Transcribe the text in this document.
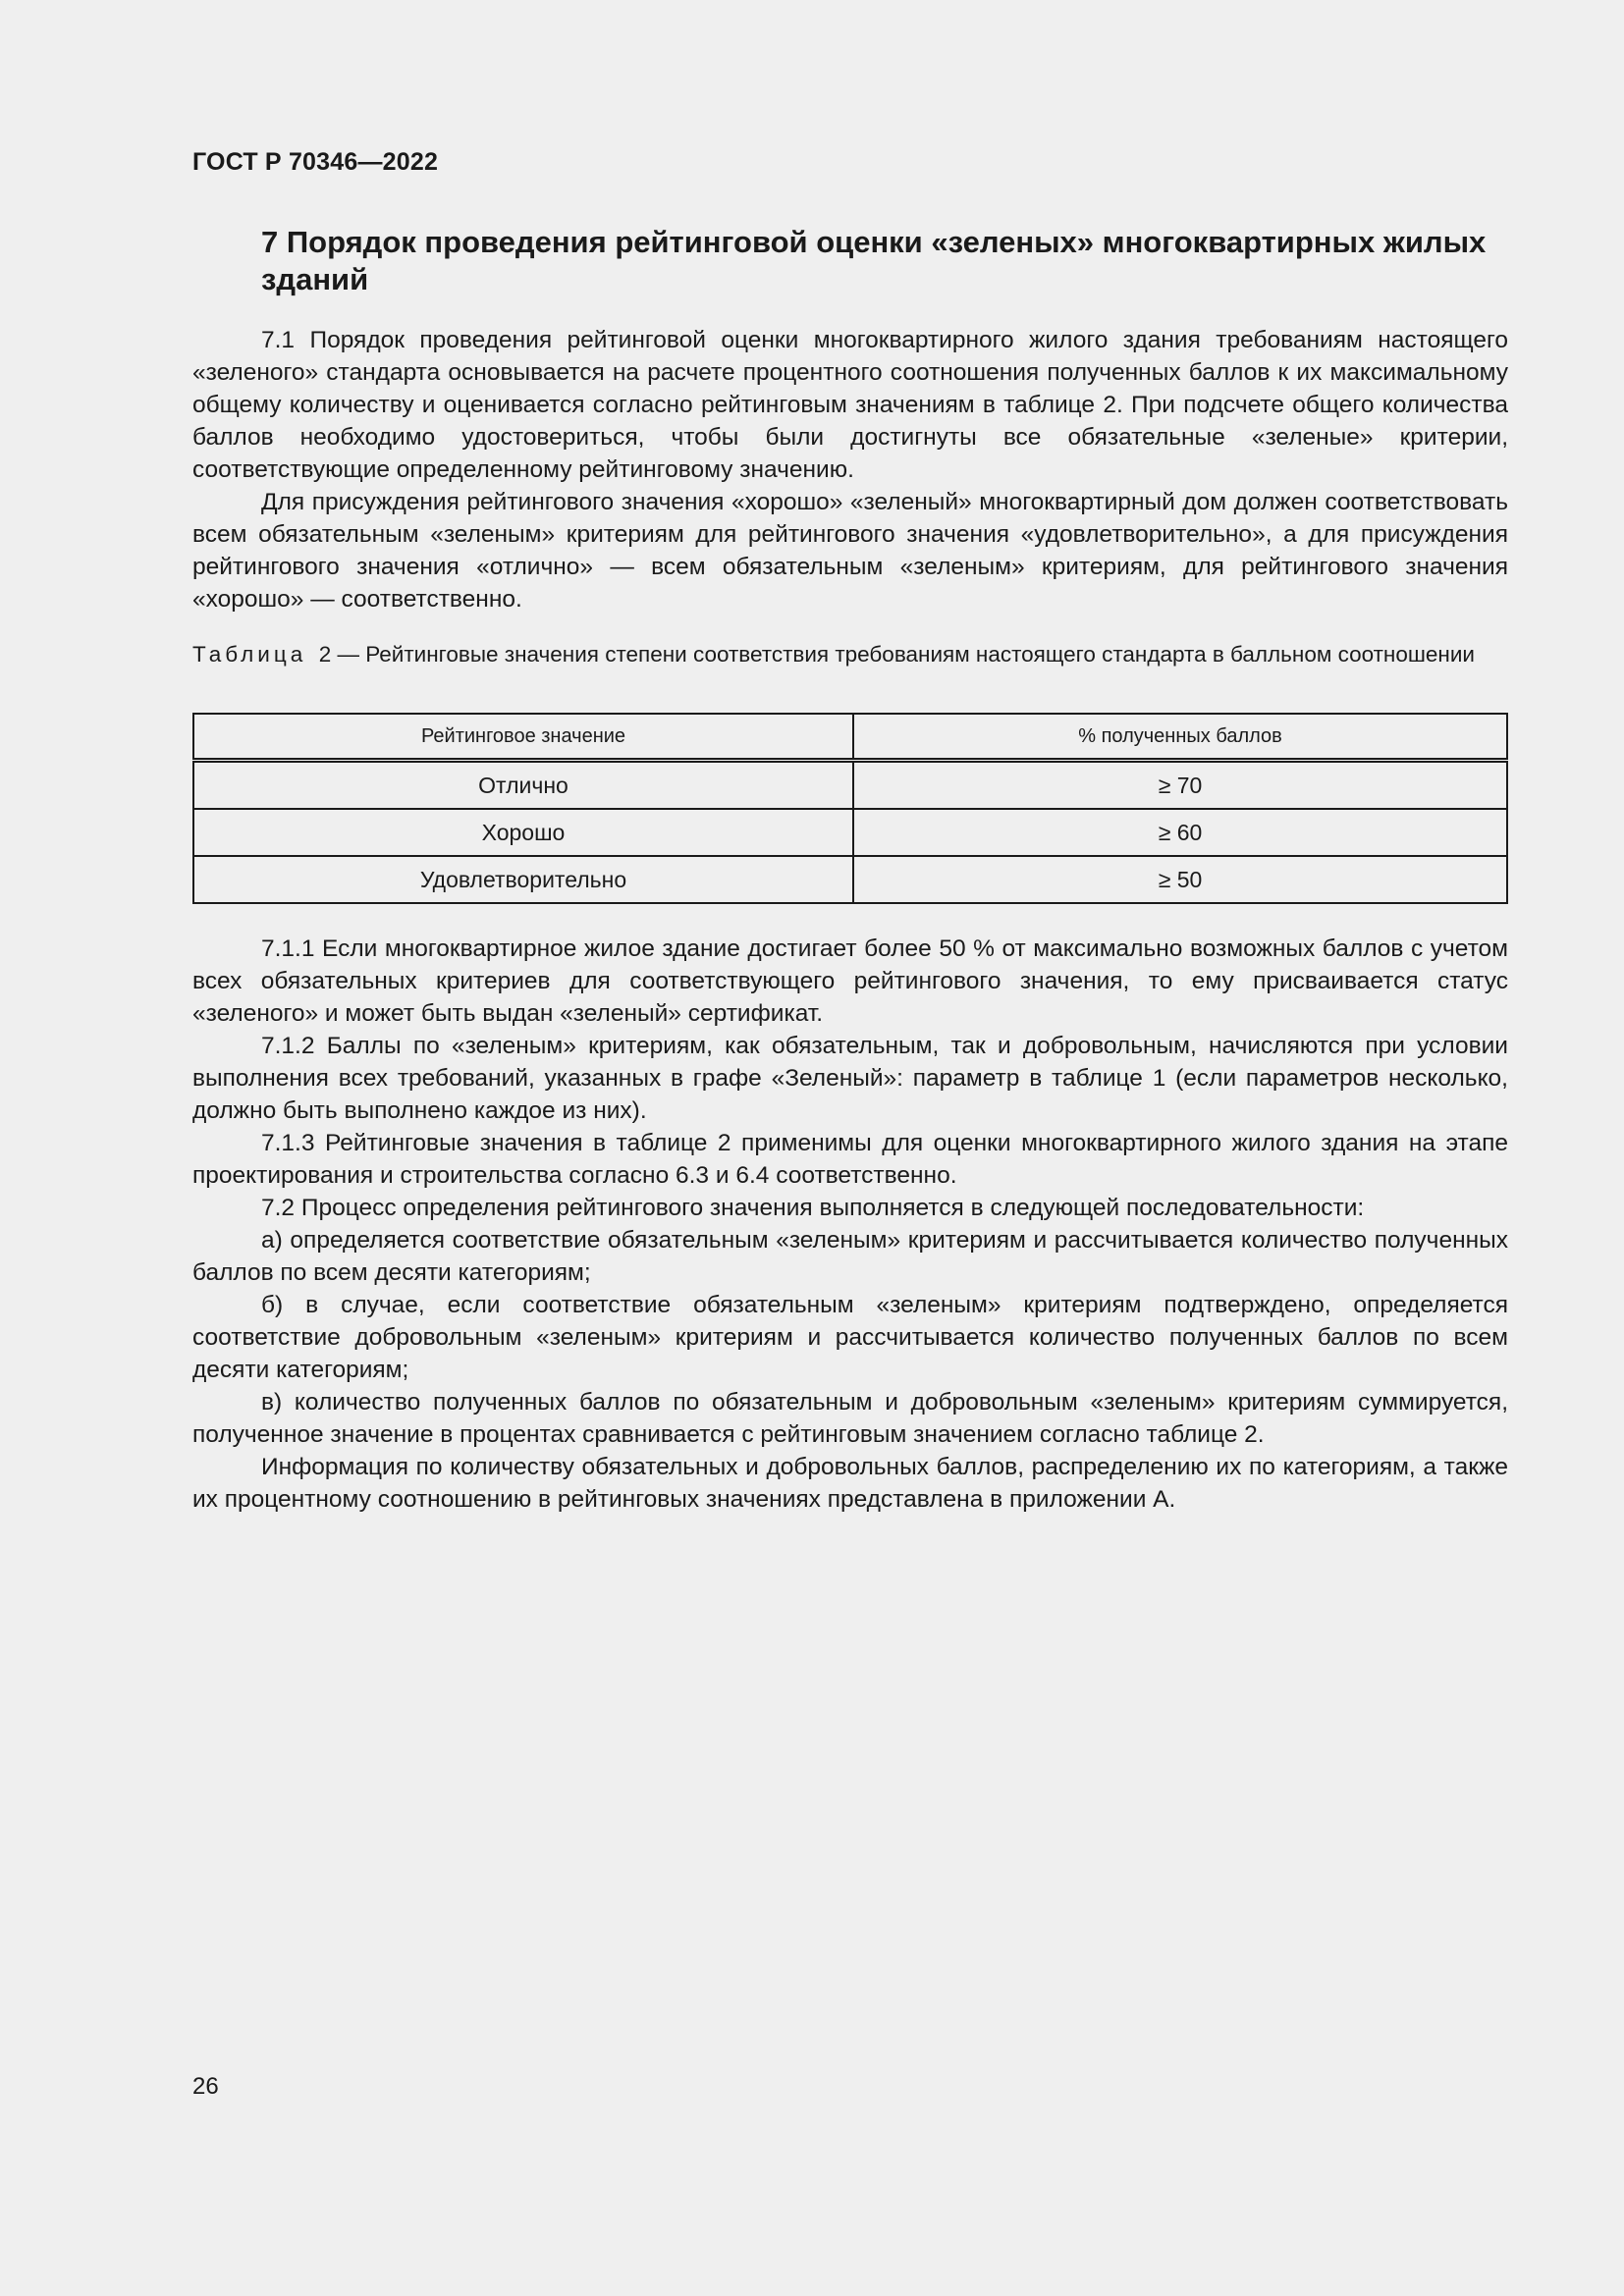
ГОСТ Р 70346—2022
7 Порядок проведения рейтинговой оценки «зеленых» многоквартирных жилых зданий

7.1 Порядок проведения рейтинговой оценки многоквартирного жилого здания требованиям настоящего «зеленого» стандарта основывается на расчете процентного соотношения полученных баллов к их максимальному общему количеству и оценивается согласно рейтинговым значениям в таблице 2. При подсчете общего количества баллов необходимо удостовериться, чтобы были достигнуты все обязательные «зеленые» критерии, соответствующие определенному рейтинговому значению.

Для присуждения рейтингового значения «хорошо» «зеленый» многоквартирный дом должен соответствовать всем обязательным «зеленым» критериям для рейтингового значения «удовлетворительно», а для присуждения рейтингового значения «отлично» — всем обязательным «зеленым» критериям, для рейтингового значения «хорошо» — соответственно.

Таблица 2 — Рейтинговые значения степени соответствия требованиям настоящего стандарта в балльном соотношении
Рейтинговое значение	% полученных баллов
Отлично	≥ 70
Хорошо	≥ 60
Удовлетворительно	≥ 50

7.1.1 Если многоквартирное жилое здание достигает более 50 % от максимально возможных баллов с учетом всех обязательных критериев для соответствующего рейтингового значения, то ему присваивается статус «зеленого» и может быть выдан «зеленый» сертификат.

7.1.2 Баллы по «зеленым» критериям, как обязательным, так и добровольным, начисляются при условии выполнения всех требований, указанных в графе «Зеленый»: параметр в таблице 1 (если параметров несколько, должно быть выполнено каждое из них).

7.1.3 Рейтинговые значения в таблице 2 применимы для оценки многоквартирного жилого здания на этапе проектирования и строительства согласно 6.3 и 6.4 соответственно.

7.2 Процесс определения рейтингового значения выполняется в следующей последовательности:

а) определяется соответствие обязательным «зеленым» критериям и рассчитывается количество полученных баллов по всем десяти категориям;

б) в случае, если соответствие обязательным «зеленым» критериям подтверждено, определяется соответствие добровольным «зеленым» критериям и рассчитывается количество полученных баллов по всем десяти категориям;

в) количество полученных баллов по обязательным и добровольным «зеленым» критериям суммируется, полученное значение в процентах сравнивается с рейтинговым значением согласно таблице 2.

Информация по количеству обязательных и добровольных баллов, распределению их по категориям, а также их процентному соотношению в рейтинговых значениях представлена в приложении А.

26
